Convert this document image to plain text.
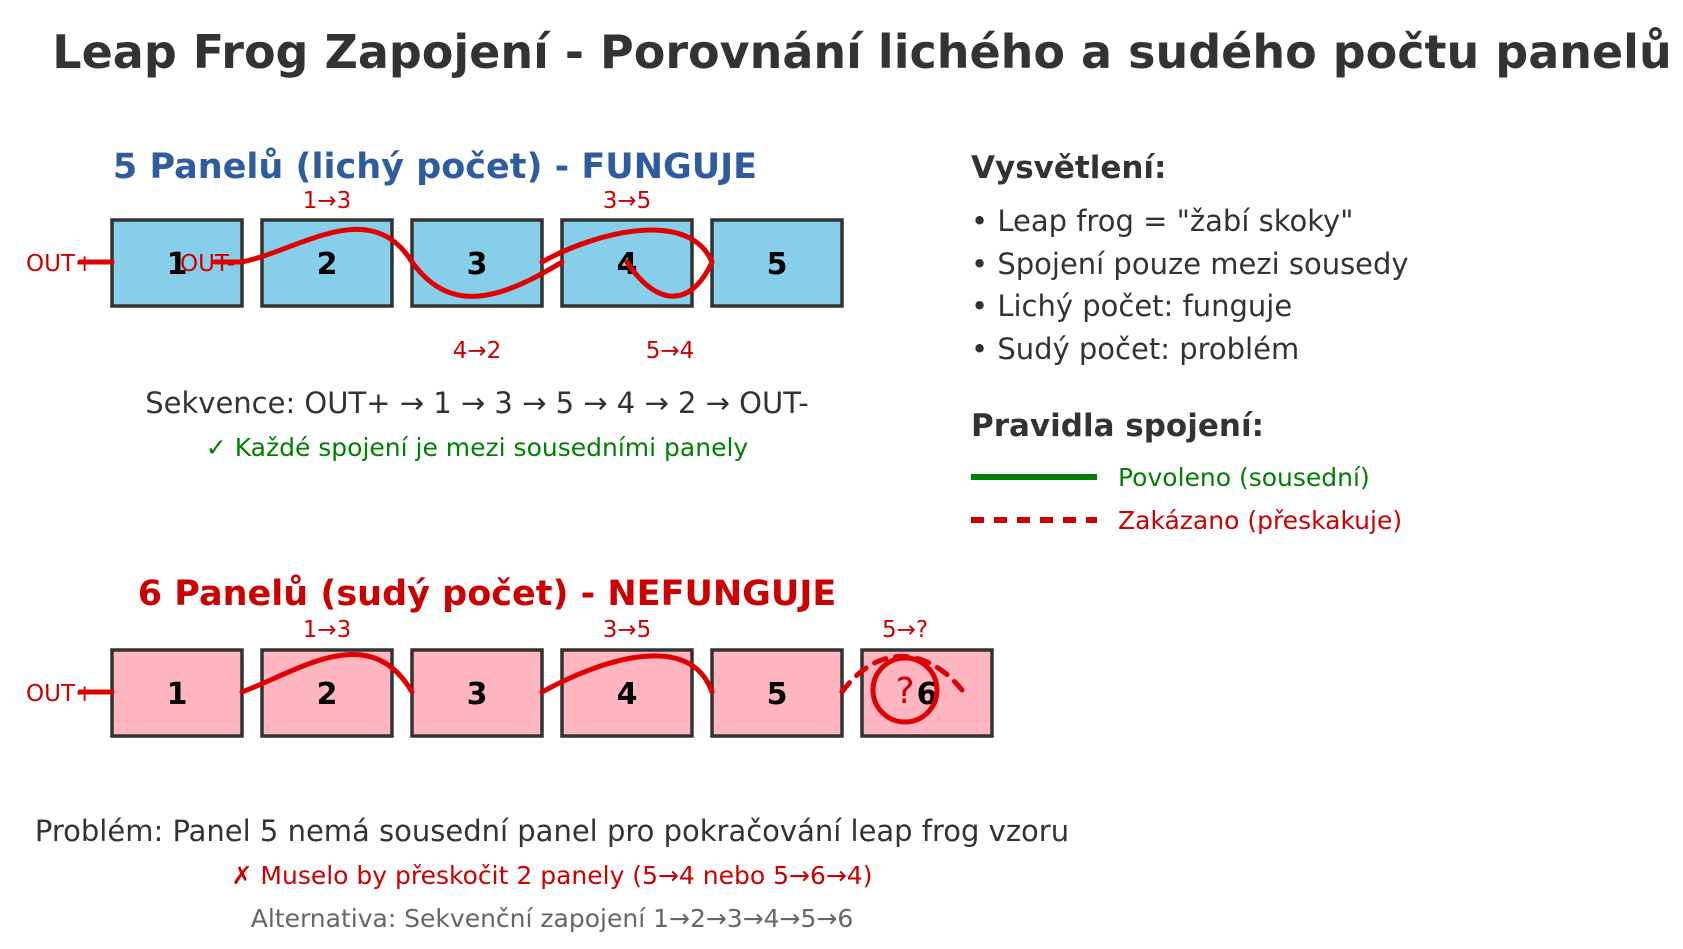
Leap Frog Zapojení - Porovnání lichého a sudého počtu panelů
5 Panelů (lichý počet) - FUNGUJE
1→3	3→5
1	2	3	4	5
OUT+	OUT-
4→2	5→4
Sekvence: OUT+ → 1 → 3 → 5 → 4 → 2 → OUT-
✓ Každé spojení je mezi sousedními panely
6 Panelů (sudý počet) - NEFUNGUJE
1→3	3→5	5→?
1	2	3	4	5	6
?
OUT+
Problém: Panel 5 nemá sousední panel pro pokračování leap frog vzoru
✗ Muselo by přeskočit 2 panely (5→4 nebo 5→6→4)
Alternativa: Sekvenční zapojení 1→2→3→4→5→6
Vysvětlení:
• Leap frog = "žabí skoky"
• Spojení pouze mezi sousedy
• Lichý počet: funguje
• Sudý počet: problém
Pravidla spojení:
Povoleno (sousední)
Zakázano (přeskakuje)
